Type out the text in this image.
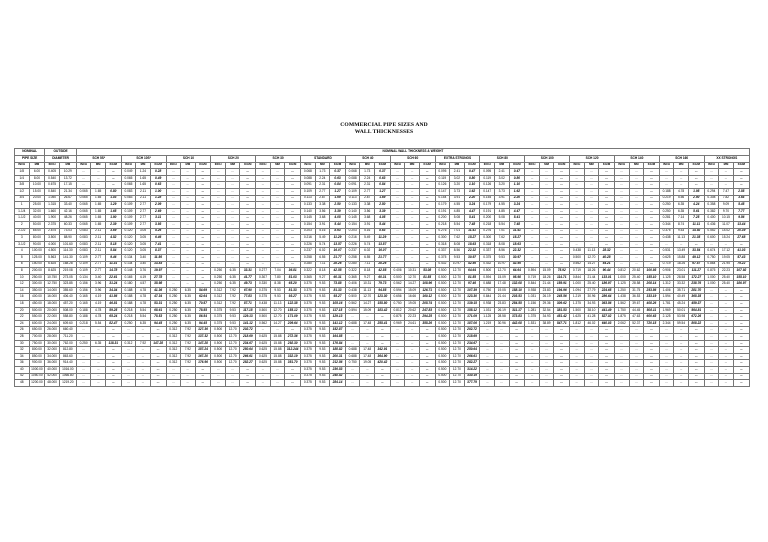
COMMERCIAL PIPE SIZES AND
WALL THICKNESSES
NOMINAL		OUTSIDE		NOMINAL WALL THICKNESS & WEIGHT																																												
PIPE SIZE		DIAMETER		SCH 5S*			SCH 10S*			SCH 10			SCH 20			SCH 30			STANDARD			SCH 40			SCH 60			EXTRA STRONGS			SCH 80			SCH 100			SCH 120			SCH 140			SCH 160			XX STRONGS		
INCH	MM	INCH	MM	INCH	MM	KG/M	INCH	MM	KG/M	INCH	MM	KG/M	INCH	MM	KG/M	INCH	MM	KG/M	INCH	MM	KG/M	INCH	MM	KG/M	INCH	MM	KG/M	INCH	MM	KG/M	INCH	MM	KG/M	INCH	MM	KG/M	INCH	MM	KG/M	INCH	MM	KG/M	INCH	MM	KG/M	INCH	MM	KG/M
1/8	6.00	0.405	10.29	...	...	...	0.049	1.24	0.28	...	...	...	...	...	...	...	...	...	0.068	1.73	0.37	0.068	1.73	0.37	...	...	...	0.095	2.41	0.47	0.095	2.41	0.47	...	...	...	...	...	...	...	...	...	...	...	...	...	...	...
1/4	8.00	0.540	13.72	...	...	...	0.065	1.65	0.49	...	...	...	...	...	...	...	...	...	0.088	2.24	0.63	0.088	2.24	0.63	...	...	...	0.119	3.02	0.80	0.119	3.02	0.80	...	...	...	...	...	...	...	...	...	...	...	...	...	...	...
3/8	10.00	0.675	17.15	...	...	...	0.065	1.65	0.63	...	...	...	...	...	...	...	...	...	0.091	2.31	0.84	0.091	2.31	0.84	...	...	...	0.126	3.20	1.10	0.126	3.20	1.10	...	...	...	...	...	...	...	...	...	...	...	...	...	...	...
1/2	15.00	0.840	21.34	0.065	1.65	0.80	0.083	2.11	1.00	...	...	...	...	...	...	...	...	...	0.109	2.77	1.27	0.109	2.77	1.27	...	...	...	0.147	3.73	1.62	0.147	3.73	1.62	...	...	...	...	...	...	...	...	...	0.188	4.78	1.95	0.294	7.47	2.55
3/4	20.00	1.050	26.67	0.065	1.65	1.03	0.083	2.11	1.28	...	...	...	...	...	...	...	...	...	0.113	2.87	1.69	0.113	2.87	1.69	...	...	...	0.154	3.91	2.20	0.154	3.91	2.20	...	...	...	...	...	...	...	...	...	0.219	5.56	2.90	0.308	7.82	3.64
1	25.00	1.315	33.40	0.065	1.65	1.29	0.109	2.77	2.09	...	...	...	...	...	...	...	...	...	0.133	3.38	2.50	0.133	3.38	2.50	...	...	...	0.179	4.55	3.24	0.179	4.55	3.24	...	...	...	...	...	...	...	...	...	0.250	6.35	4.24	0.358	9.09	5.45
1-1/4	32.00	1.660	42.16	0.065	1.65	1.65	0.109	2.77	2.69	...	...	...	...	...	...	...	...	...	0.140	3.56	3.39	0.140	3.56	3.39	...	...	...	0.191	4.85	4.47	0.191	4.85	4.47	...	...	...	...	...	...	...	...	...	0.250	6.35	5.61	0.382	9.70	7.77
1-1/2	40.00	1.900	48.26	0.065	1.65	1.90	0.109	2.77	3.11	...	...	...	...	...	...	...	...	...	0.145	3.68	4.05	0.145	3.68	4.05	...	...	...	0.200	5.08	5.41	0.200	5.08	5.41	...	...	...	...	...	...	...	...	...	0.281	7.14	7.25	0.400	10.15	9.56
2	50.00	2.375	60.33	0.065	1.65	2.39	0.109	2.77	3.93	...	...	...	...	...	...	...	...	...	0.154	3.91	5.44	0.154	3.91	5.44	...	...	...	0.218	5.54	7.48	0.218	5.54	7.48	...	...	...	...	...	...	...	...	...	0.344	8.74	11.11	0.436	11.07	13.44
2-1/2	65.00	2.875	73.03	0.083	2.11	3.69	0.120	3.05	5.26	...	...	...	...	...	...	...	...	...	0.203	5.16	8.63	0.203	5.16	8.63	...	...	...	0.276	7.01	11.41	0.276	7.01	11.41	...	...	...	...	...	...	...	...	...	0.375	9.53	14.92	0.552	14.02	20.39
3	80.00	3.500	88.90	0.083	2.11	4.52	0.120	3.05	6.46	...	...	...	...	...	...	...	...	...	0.216	5.49	11.29	0.216	5.49	11.29	...	...	...	0.300	7.62	15.27	0.300	7.62	15.27	...	...	...	...	...	...	...	...	...	0.438	11.13	21.35	0.600	15.24	27.68
3-1/2	90.00	4.000	101.60	0.083	2.11	5.18	0.120	3.05	7.41	...	...	...	...	...	...	...	...	...	0.226	5.74	13.57	0.226	5.74	13.57	...	...	...	0.318	8.08	18.63	0.318	8.08	18.63	...	...	...	...	...	...	...	...	...	...	...	...	...	...	...
4	100.00	4.500	114.30	0.083	2.11	5.84	0.120	3.05	8.37	...	...	...	...	...	...	...	...	...	0.237	6.02	16.07	0.237	6.02	16.07	...	...	...	0.337	8.56	22.32	0.337	8.56	22.32	...	...	...	0.438	11.13	28.32	...	...	...	0.531	13.49	33.54	0.674	17.12	41.03
5	125.00	5.563	141.30	0.109	2.77	9.46	0.134	3.40	11.56	...	...	...	...	...	...	...	...	...	0.258	6.55	21.77	0.258	6.55	21.77	...	...	...	0.375	9.53	30.97	0.375	9.53	30.97	...	...	...	0.500	12.70	40.28	...	...	...	0.625	15.88	49.12	0.750	19.05	57.43
6	150.00	6.625	168.28	0.109	2.77	11.31	0.134	3.40	13.83	...	...	...	...	...	...	...	...	...	0.280	7.11	28.26	0.280	7.11	28.26	...	...	...	0.432	10.97	42.56	0.432	10.97	42.56	...	...	...	0.562	14.27	54.21	...	...	...	0.719	18.26	67.57	0.864	21.95	79.22
8	200.00	8.625	219.08	0.109	2.77	14.78	0.148	3.76	19.97	...	...	...	0.250	6.35	33.31	0.277	7.04	36.81	0.322	8.18	42.55	0.322	8.18	42.55	0.406	10.31	53.08	0.500	12.70	64.64	0.500	12.70	64.64	0.594	15.09	75.92	0.719	18.26	90.44	0.812	20.62	100.93	0.906	23.01	111.27	0.875	22.23	107.92
10	250.00	10.750	273.05	0.134	3.40	22.61	0.165	4.19	27.78	...	...	...	0.250	6.35	41.77	0.307	7.80	51.03	0.365	9.27	60.31	0.365	9.27	60.31	0.500	12.70	81.55	0.500	12.70	81.55	0.594	15.09	95.98	0.719	18.26	114.71	0.844	21.44	133.01	1.000	25.40	155.10	1.125	28.58	172.27	1.000	25.40	155.10
12	300.00	12.750	323.85	0.156	3.96	31.24	0.180	4.57	35.98	...	...	...	0.250	6.35	49.73	0.330	8.38	65.20	0.375	9.53	73.88	0.406	10.31	79.73	0.562	14.27	108.96	0.500	12.70	97.46	0.688	17.48	132.08	0.844	21.44	159.91	1.000	25.40	186.97	1.125	28.58	208.14	1.312	33.32	238.76	1.000	25.40	186.97
14	350.00	14.000	355.60	0.156	3.96	34.34	0.188	4.78	41.36	0.250	6.35	54.69	0.312	7.92	67.90	0.375	9.53	81.33	0.375	9.53	81.33	0.438	11.13	94.55	0.594	15.09	126.71	0.500	12.70	107.39	0.750	19.05	158.10	0.938	23.83	194.96	1.094	27.79	224.65	1.250	31.75	253.56	1.406	35.71	281.70	...	...	...
16	400.00	16.000	406.40	0.165	4.19	41.56	0.188	4.78	47.34	0.250	6.35	62.64	0.312	7.92	77.83	0.375	9.53	93.27	0.375	9.53	93.27	0.500	12.70	123.30	0.656	16.66	160.12	0.500	12.70	123.30	0.844	21.44	203.53	1.031	26.19	245.56	1.219	30.96	286.64	1.438	36.53	333.19	1.594	40.49	365.35	...	...	...
18	450.00	18.000	457.20	0.165	4.19	46.81	0.188	4.78	53.31	0.250	6.35	70.57	0.312	7.92	87.71	0.438	11.13	122.38	0.375	9.53	105.16	0.562	14.27	155.80	0.750	19.05	205.74	0.500	12.70	139.15	0.938	23.83	254.55	1.156	29.36	309.62	1.375	34.93	363.56	1.562	39.67	408.26	1.781	45.24	459.37	...	...	...
20	500.00	20.000	508.00	0.188	4.78	59.25	0.218	5.54	68.61	0.250	6.35	78.55	0.375	9.53	117.15	0.500	12.70	155.12	0.375	9.53	117.15	0.594	15.09	183.42	0.812	20.62	247.83	0.500	12.70	155.12	1.031	26.19	311.17	1.281	32.54	381.53	1.500	38.10	441.49	1.750	44.45	508.11	1.969	50.01	564.81	...	...	...
22	550.00	22.000	558.80	0.188	4.78	65.24	0.218	5.54	75.53	0.250	6.35	86.54	0.375	9.53	129.13	0.500	12.70	171.09	0.375	9.53	129.13	...	...	...	0.875	22.23	294.25	0.500	12.70	171.09	1.125	28.58	373.83	1.375	34.93	451.42	1.625	41.28	527.02	1.875	47.63	600.63	2.125	53.98	672.26	...	...	...
24	600.00	24.000	609.60	0.218	5.54	82.47	0.250	6.35	94.45	0.250	6.35	94.45	0.375	9.53	141.12	0.562	14.27	209.64	0.375	9.53	141.12	0.688	17.48	255.41	0.969	24.61	355.26	0.500	12.70	187.06	1.219	30.96	442.08	1.531	38.89	547.71	1.812	46.02	640.03	2.062	52.37	720.15	2.344	59.54	808.22	...	...	...
26	650.00	26.000	660.40	...	...	...	...	...	...	0.312	7.92	127.36	0.500	12.70	202.72	...	...	...	0.375	9.53	152.87	...	...	...	...	...	...	0.500	12.70	202.72	...	...	...	...	...	...	...	...	...	...	...	...	...	...	...	...	...	...
28	700.00	28.000	711.20	...	...	...	...	...	...	0.312	7.92	137.32	0.500	12.70	218.69	0.625	15.88	272.36	0.375	9.53	164.85	...	...	...	...	...	...	0.500	12.70	218.69	...	...	...	...	...	...	...	...	...	...	...	...	...	...	...	...	...	...
30	750.00	30.000	762.00	0.250	6.35	118.31	0.312	7.92	147.28	0.312	7.92	147.28	0.500	12.70	234.67	0.625	15.88	292.30	0.375	9.53	176.84	...	...	...	...	...	...	0.500	12.70	234.67	...	...	...	...	...	...	...	...	...	...	...	...	...	...	...	...	...	...
32	800.00	32.000	812.80	...	...	...	...	...	...	0.312	7.92	157.24	0.500	12.70	250.64	0.625	15.88	312.244	0.375	9.53	188.82	0.688	17.48	342.91	...	...	...	0.500	12.70	250.64	...	...	...	...	...	...	...	...	...	...	...	...	...	...	...	...	...	...
34	850.00	34.000	863.60	...	...	...	...	...	...	0.312	7.92	167.20	0.500	12.70	266.61	0.625	15.88	332.19	0.375	9.53	200.31	0.688	17.48	364.90	...	...	...	0.500	12.70	266.61	...	...	...	...	...	...	...	...	...	...	...	...	...	...	...	...	...	...
36	900.00	36.000	914.40	...	...	...	...	...	...	0.312	7.92	176.96	0.500	12.70	282.27	0.625	15.88	351.70	0.375	9.53	212.56	0.750	19.05	420.42	...	...	...	0.500	12.70	282.27	...	...	...	...	...	...	...	...	...	...	...	...	...	...	...	...	...	...
40	1000.00	40.000	1016.00	...	...	...	...	...	...	...	...	...	...	...	...	...	...	...	0.375	9.53	236.53	...	...	...	...	...	...	0.500	12.70	314.22	...	...	...	...	...	...	...	...	...	...	...	...	...	...	...	...	...	...
42	1050.00	42.000	1066.80	...	...	...	...	...	...	...	...	...	...	...	...	...	...	...	0.375	9.53	248.52	...	...	...	...	...	...	0.500	12.70	330.19	...	...	...	...	...	...	...	...	...	...	...	...	...	...	...	...	...	...
48	1200.00	48.000	1219.20	...	...	...	...	...	...	...	...	...	...	...	...	...	...	...	0.375	9.53	284.14	...	...	...	...	...	...	0.500	12.70	377.79	...	...	...	...	...	...	...	...	...	...	...	...	...	...	...	...	...	...
